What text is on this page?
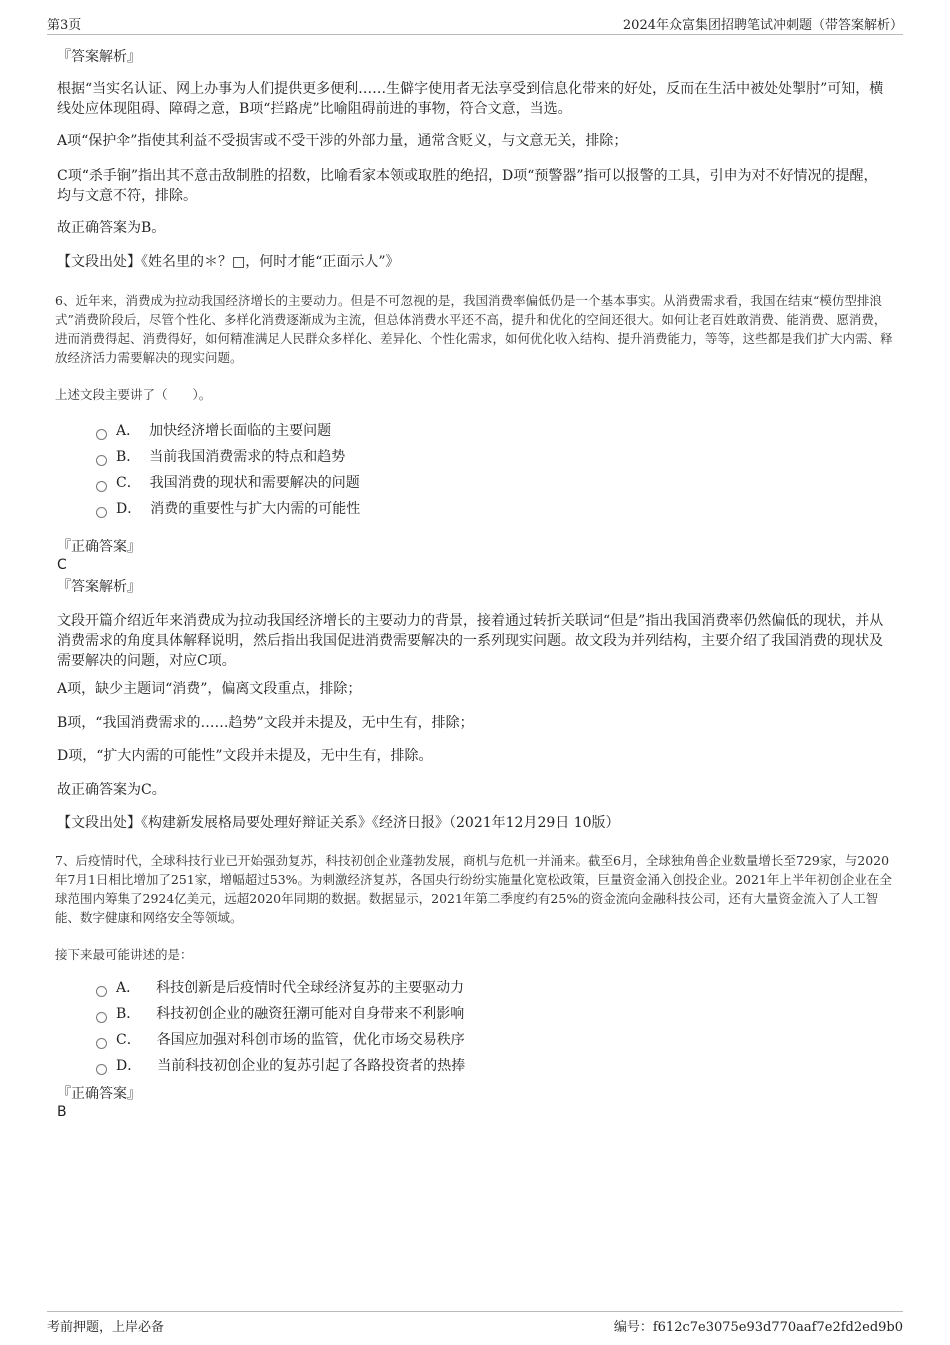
第3页	2024年众富集团招聘笔试冲刺题（带答案解析）

『答案解析』

根据“当实名认证、网上办事为人们提供更多便利……生僻字使用者无法享受到信息化带来的好处，反而在生活中被处处掣肘”可知，横线处应体现阻碍、障碍之意，B项“拦路虎”比喻阻碍前进的事物，符合文意，当选。

A项“保护伞”指使其利益不受损害或不受干涉的外部力量，通常含贬义，与文意无关，排除；

C项“杀手锏”指出其不意击敌制胜的招数，比喻看家本领或取胜的绝招，D项“预警器”指可以报警的工具，引申为对不好情况的提醒，均与文意不符，排除。

故正确答案为B。

【文段出处】《姓名里的＊？□，何时才能“正面示人”》

6、近年来，消费成为拉动我国经济增长的主要动力。但是不可忽视的是，我国消费率偏低仍是一个基本事实。从消费需求看，我国在结束“模仿型排浪式”消费阶段后，尽管个性化、多样化消费逐渐成为主流，但总体消费水平还不高，提升和优化的空间还很大。如何让老百姓敢消费、能消费、愿消费，进而消费得起、消费得好，如何精准满足人民群众多样化、差异化、个性化需求，如何优化收入结构、提升消费能力，等等，这些都是我们扩大内需、释放经济活力需要解决的现实问题。

上述文段主要讲了（　　）。

A． 加快经济增长面临的主要问题
B． 当前我国消费需求的特点和趋势
C． 我国消费的现状和需要解决的问题
D． 消费的重要性与扩大内需的可能性

『正确答案』

C

『答案解析』

文段开篇介绍近年来消费成为拉动我国经济增长的主要动力的背景，接着通过转折关联词“但是”指出我国消费率仍然偏低的现状，并从消费需求的角度具体解释说明，然后指出我国促进消费需要解决的一系列现实问题。故文段为并列结构，主要介绍了我国消费的现状及需要解决的问题，对应C项。

A项，缺少主题词“消费”，偏离文段重点，排除；

B项，“我国消费需求的……趋势”文段并未提及，无中生有，排除；

D项，“扩大内需的可能性”文段并未提及，无中生有，排除。

故正确答案为C。

【文段出处】《构建新发展格局要处理好辩证关系》《经济日报》（2021年12月29日 10版）

7、后疫情时代，全球科技行业已开始强劲复苏，科技初创企业蓬勃发展，商机与危机一并涌来。截至6月，全球独角兽企业数量增长至729家，与2020年7月1日相比增加了251家，增幅超过53%。为刺激经济复苏，各国央行纷纷实施量化宽松政策，巨量资金涌入创投企业。2021年上半年初创企业在全球范围内筹集了2924亿美元，远超2020年同期的数据。数据显示，2021年第二季度约有25%的资金流向金融科技公司，还有大量资金流入了人工智能、数字健康和网络安全等领域。

接下来最可能讲述的是：

A． 科技创新是后疫情时代全球经济复苏的主要驱动力
B． 科技初创企业的融资狂潮可能对自身带来不利影响
C． 各国应加强对科创市场的监管，优化市场交易秩序
D． 当前科技初创企业的复苏引起了各路投资者的热捧

『正确答案』

B

考前押题，上岸必备	编号：f612c7e3075e93d770aaf7e2fd2ed9b0
